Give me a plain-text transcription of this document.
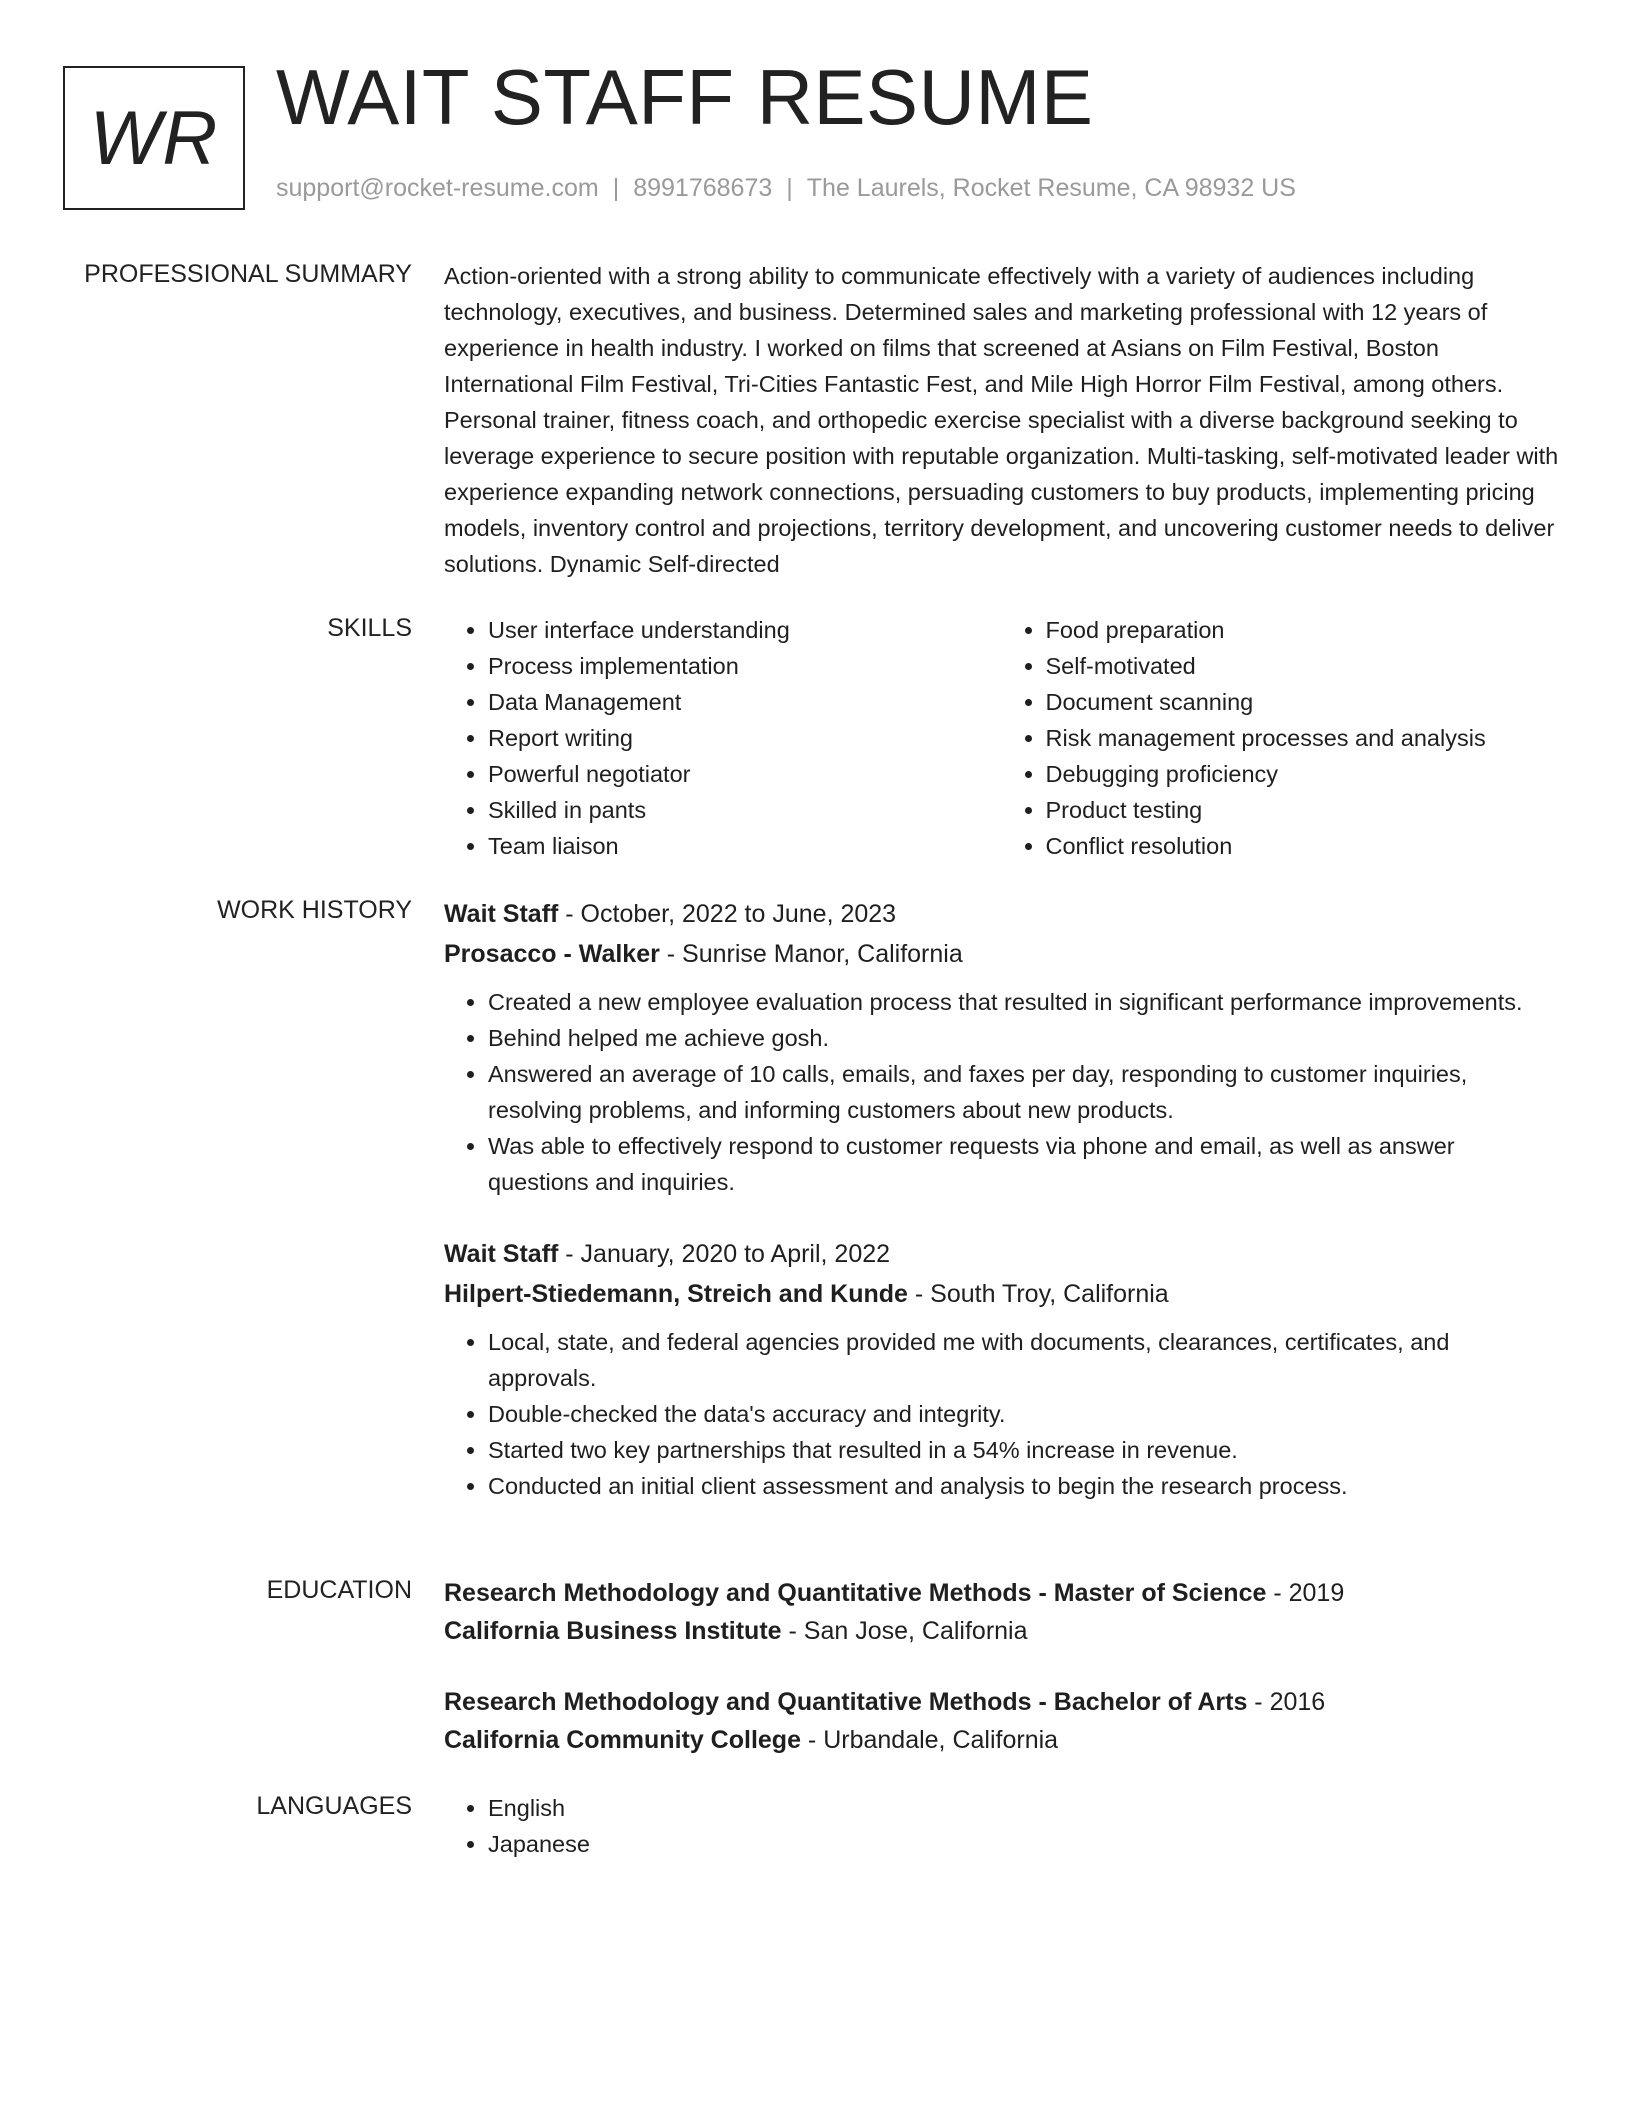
WR WAIT STAFF RESUME
support@rocket-resume.com | 8991768673 | The Laurels, Rocket Resume, CA 98932 US
PROFESSIONAL SUMMARY Action-oriented with a strong ability to communicate effectively with a variety of audiences including technology, executives, and business. Determined sales and marketing professional with 12 years of experience in health industry. I worked on films that screened at Asians on Film Festival, Boston International Film Festival, Tri-Cities Fantastic Fest, and Mile High Horror Film Festival, among others. Personal trainer, fitness coach, and orthopedic exercise specialist with a diverse background seeking to leverage experience to secure position with reputable organization. Multi-tasking, self-motivated leader with experience expanding network connections, persuading customers to buy products, implementing pricing models, inventory control and projections, territory development, and uncovering customer needs to deliver solutions. Dynamic Self-directed

SKILLS	• User interface understanding
• Process implementation
• Data Management
• Report writing
• Powerful negotiator
• Skilled in pants
• Team liaison
• Food preparation
• Self-motivated
• Document scanning
• Risk management processes and analysis
• Debugging proficiency
• Product testing
• Conflict resolution
WORK HISTORY Wait Staff - October, 2022 to June, 2023
Prosacco - Walker - Sunrise Manor, California
• Created a new employee evaluation process that resulted in significant performance improvements.
• Behind helped me achieve gosh.
• Answered an average of 10 calls, emails, and faxes per day, responding to customer inquiries, resolving problems, and informing customers about new products.
• Was able to effectively respond to customer requests via phone and email, as well as answer questions and inquiries.
Wait Staff - January, 2020 to April, 2022
Hilpert-Stiedemann, Streich and Kunde - South Troy, California
• Local, state, and federal agencies provided me with documents, clearances, certificates, and approvals.
• Double-checked the data's accuracy and integrity.
• Started two key partnerships that resulted in a 54% increase in revenue.
• Conducted an initial client assessment and analysis to begin the research process.
EDUCATION Research Methodology and Quantitative Methods - Master of Science - 2019
California Business Institute - San Jose, California
Research Methodology and Quantitative Methods - Bachelor of Arts - 2016
California Community College - Urbandale, California
LANGUAGES	• English
• Japanese
